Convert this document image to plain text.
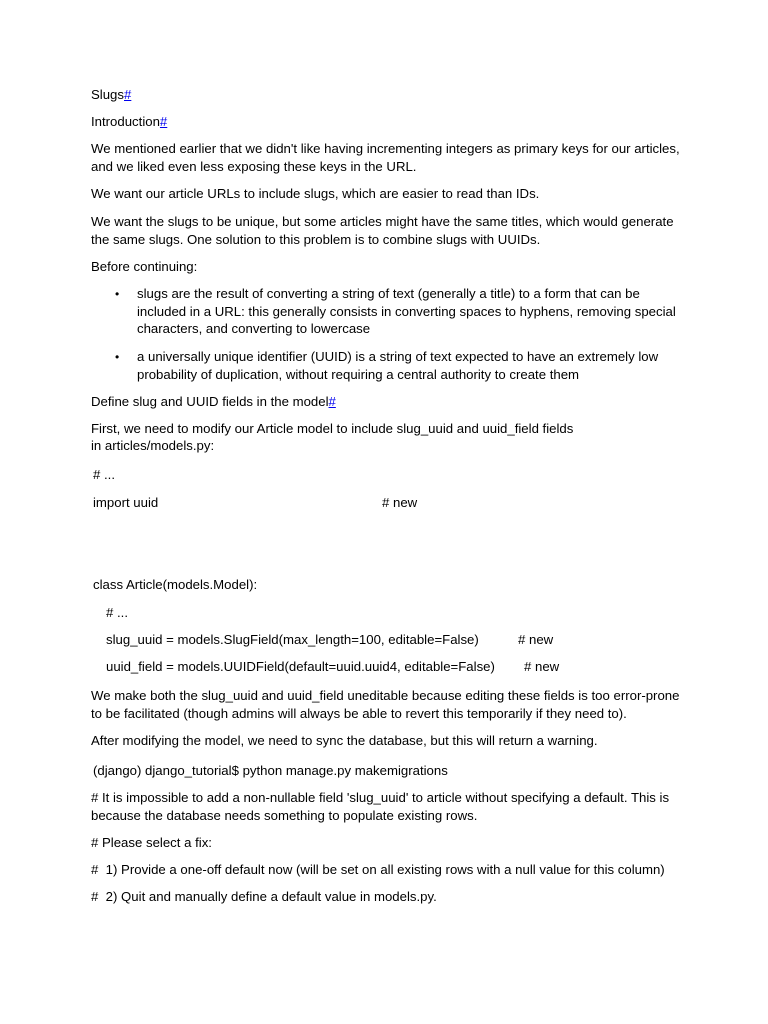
Slugs#

Introduction#

We mentioned earlier that we didn't like having incrementing integers as primary keys for our articles, and we liked even less exposing these keys in the URL.

We want our article URLs to include slugs, which are easier to read than IDs.

We want the slugs to be unique, but some articles might have the same titles, which would generate the same slugs. One solution to this problem is to combine slugs with UUIDs.

Before continuing:

• slugs are the result of converting a string of text (generally a title) to a form that can be included in a URL: this generally consists in converting spaces to hyphens, removing special characters, and converting to lowercase

• a universally unique identifier (UUID) is a string of text expected to have an extremely low probability of duplication, without requiring a central authority to create them

Define slug and UUID fields in the model#

First, we need to modify our Article model to include slug_uuid and uuid_field fields

in articles/models.py:

# ...

import uuid	# new

class Article(models.Model):

# ...

slug_uuid = models.SlugField(max_length=100, editable=False)	# new

uuid_field = models.UUIDField(default=uuid.uuid4, editable=False) # new

We make both the slug_uuid and uuid_field uneditable because editing these fields is too error-prone to be facilitated (though admins will always be able to revert this temporarily if they need to).

After modifying the model, we need to sync the database, but this will return a warning.

(django) django_tutorial$ python manage.py makemigrations

# It is impossible to add a non-nullable field 'slug_uuid' to article without specifying a default. This is because the database needs something to populate existing rows.

# Please select a fix:

#  1) Provide a one-off default now (will be set on all existing rows with a null value for this column)

#  2) Quit and manually define a default value in models.py.
